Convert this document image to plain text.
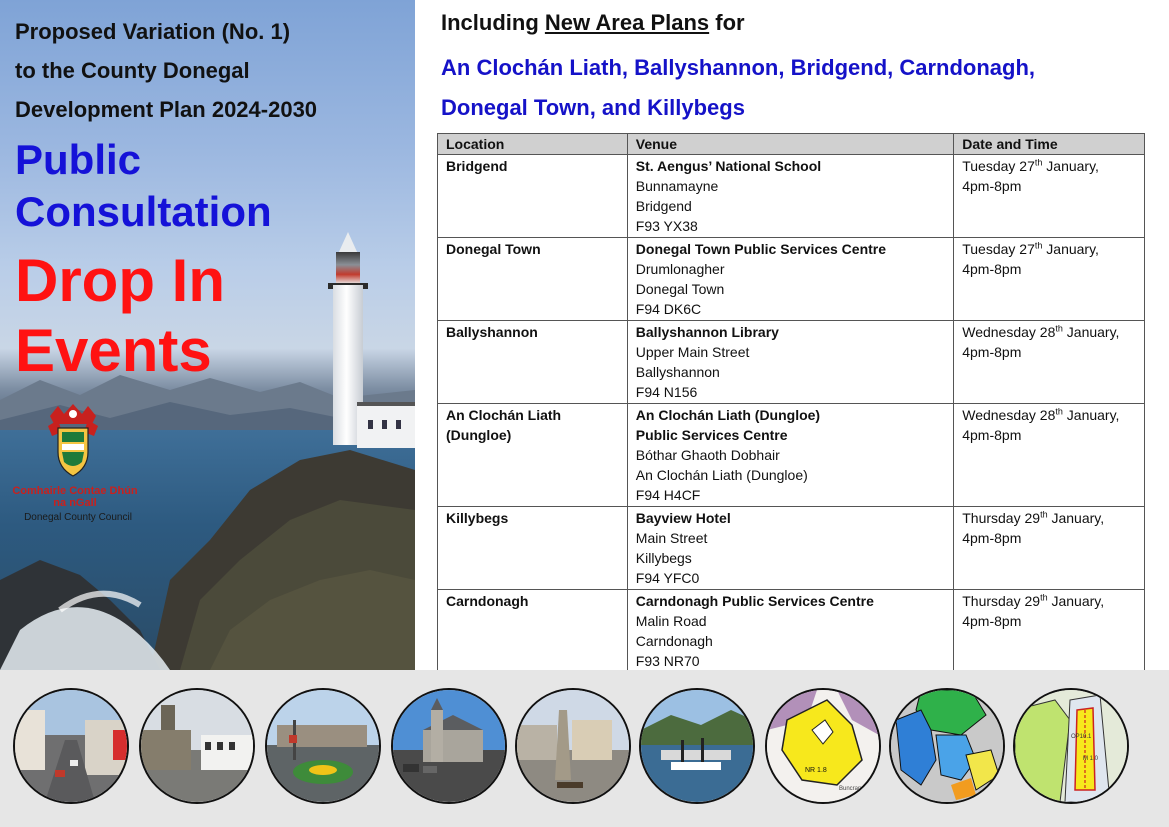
Proposed Variation (No. 1)
to the County Donegal
Development Plan 2024-2030
Public
Consultation
Drop In
Events
Comhairle Contae Dhún na nGall
Donegal County Council
Including New Area Plans for
An Clochán Liath, Ballyshannon, Bridgend, Carndonagh,
Donegal Town, and Killybegs
Location	Venue	Date and Time

Bridgend	St. Aengus’ National School
Bunnamayne
Bridgend
F93 YX38	Tuesday 27th January,
4pm-8pm

Donegal Town	Donegal Town Public Services Centre
Drumlonagher
Donegal Town
F94 DK6C	Tuesday 27th January,
4pm-8pm

Ballyshannon	Ballyshannon Library
Upper Main Street
Ballyshannon
F94 N156	Wednesday 28th January,
4pm-8pm

An Clochán Liath
(Dungloe)	An Clochán Liath (Dungloe)
Public Services Centre
Bóthar Ghaoth Dobhair
An Clochán Liath (Dungloe)
F94 H4CF	Wednesday 28th January,
4pm-8pm

Killybegs	Bayview Hotel
Main Street
Killybegs
F94 YFC0	Thursday 29th January,
4pm-8pm

Carndonagh	Carndonagh Public Services Centre
Malin Road
Carndonagh
F93 NR70	Thursday 29th January,
4pm-8pm
NR 1.8
Buncrana
OP10.1
M 1.0
